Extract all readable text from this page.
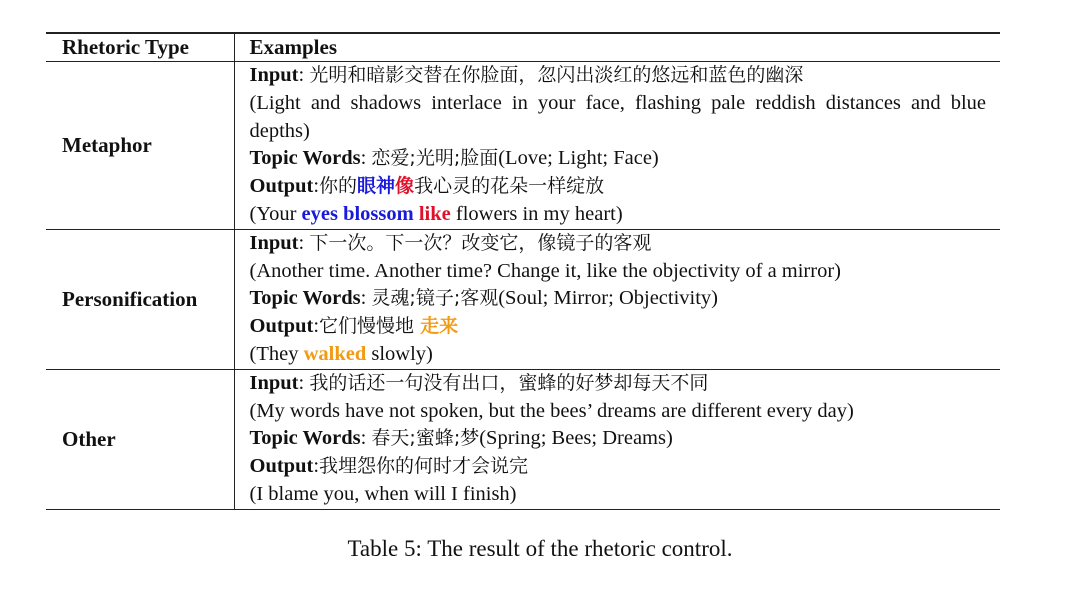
Rhetoric Type	Examples
Metaphor	Input: 光明和暗影交替在你脸面，忽闪出淡红的悠远和蓝色的幽深
(Light and shadows interlace in your face, flashing pale reddish distances and blue depths)
Topic Words: 恋爱;光明;脸面(Love; Light; Face)
Output:你的眼神像我心灵的花朵一样绽放
(Your eyes blossom like flowers in my heart)

Personification	Input: 下一次。下一次？改变它，像镜子的客观
(Another time. Another time? Change it, like the objectivity of a mirror)
Topic Words: 灵魂;镜子;客观(Soul; Mirror; Objectivity)
Output:它们慢慢地 走来
(They walked slowly)

Other	Input: 我的话还一句没有出口，蜜蜂的好梦却每天不同
(My words have not spoken, but the bees’ dreams are different every day)
Topic Words: 春天;蜜蜂;梦(Spring; Bees; Dreams)
Output:我埋怨你的何时才会说完
(I blame you, when will I finish)
Table 5: The result of the rhetoric control.
